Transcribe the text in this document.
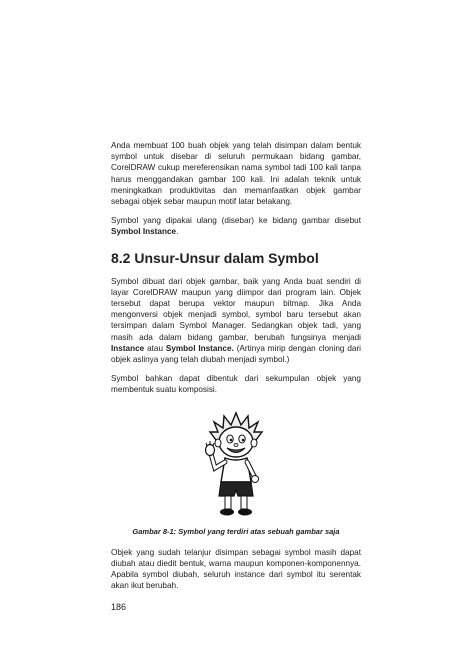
Anda membuat 100 buah objek yang telah disimpan dalam bentuk symbol untuk disebar di seluruh permukaan bidang gambar, CorelDRAW cukup mereferensikan nama symbol tadi 100 kali tanpa harus menggandakan gambar 100 kali. Ini adalah teknik untuk meningkatkan produktivitas dan memanfaatkan objek gambar sebagai objek sebar maupun motif latar belakang.

Symbol yang dipakai ulang (disebar) ke bidang gambar disebut Symbol Instance.

8.2 Unsur-Unsur dalam Symbol

Symbol dibuat dari objek gambar, baik yang Anda buat sendiri di layar CorelDRAW maupun yang diimpor dari program lain. Objek tersebut dapat berupa vektor maupun bitmap. Jika Anda mengonversi objek menjadi symbol, symbol baru tersebut akan tersimpan dalam Symbol Manager. Sedangkan objek tadi, yang masih ada dalam bidang gambar, berubah fungsinya menjadi Instance atau Symbol Instance. (Artinya mirip dengan cloning dari objek aslinya yang telah diubah menjadi symbol.)

Symbol bahkan dapat dibentuk dari sekumpulan objek yang membentuk suatu komposisi.

Gambar 8-1: Symbol yang terdiri atas sebuah gambar saja

Objek yang sudah telanjur disimpan sebagai symbol masih dapat diubah atau diedit bentuk, warna maupun komponen-komponennya. Apabila symbol diubah, seluruh instance dari symbol itu serentak akan ikut berubah.

186
